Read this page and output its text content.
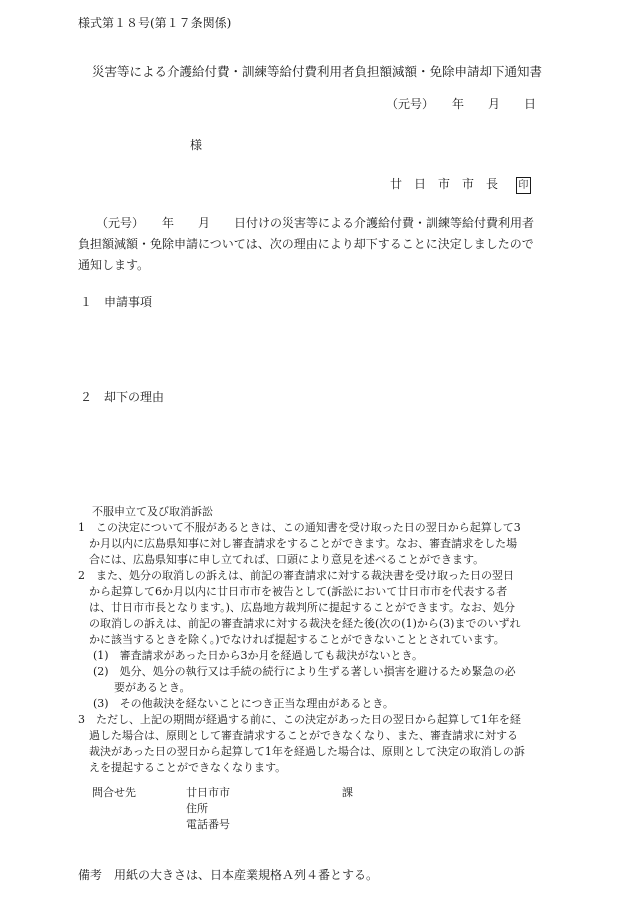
様式第１８号(第１７条関係)
災害等による介護給付費・訓練等給付費利用者負担額減額・免除申請却下通知書
（元号）　　年　　月　　日
様
廿　日　市　市　長 印
（元号）　　年　　月　　日付けの災害等による介護給付費・訓練等給付費利用者
負担額減額・免除申請については、次の理由により却下することに決定しましたので
通知します。
１　申請事項
２　却下の理由
不服申立て及び取消訴訟
1　この決定について不服があるときは、この通知書を受け取った日の翌日から起算して3
か月以内に広島県知事に対し審査請求をすることができます。なお、審査請求をした場
合には、広島県知事に申し立てれば、口頭により意見を述べることができます。
2　また、処分の取消しの訴えは、前記の審査請求に対する裁決書を受け取った日の翌日
から起算して6か月以内に廿日市市を被告として(訴訟において廿日市市を代表する者
は、廿日市市長となります。)、広島地方裁判所に提起することができます。なお、処分
の取消しの訴えは、前記の審査請求に対する裁決を経た後(次の(1)から(3)までのいずれ
かに該当するときを除く。)でなければ提起することができないこととされています。
(1)　審査請求があった日から3か月を経過しても裁決がないとき。
(2)　処分、処分の執行又は手続の続行により生ずる著しい損害を避けるため緊急の必
要があるとき。
(3)　その他裁決を経ないことにつき正当な理由があるとき。
3　ただし、上記の期間が経過する前に、この決定があった日の翌日から起算して1年を経
過した場合は、原則として審査請求することができなくなり、また、審査請求に対する
裁決があった日の翌日から起算して1年を経過した場合は、原則として決定の取消しの訴
えを提起することができなくなります。
問合せ先	廿日市市	課
住所
電話番号
備考　用紙の大きさは、日本産業規格Ａ列４番とする。
